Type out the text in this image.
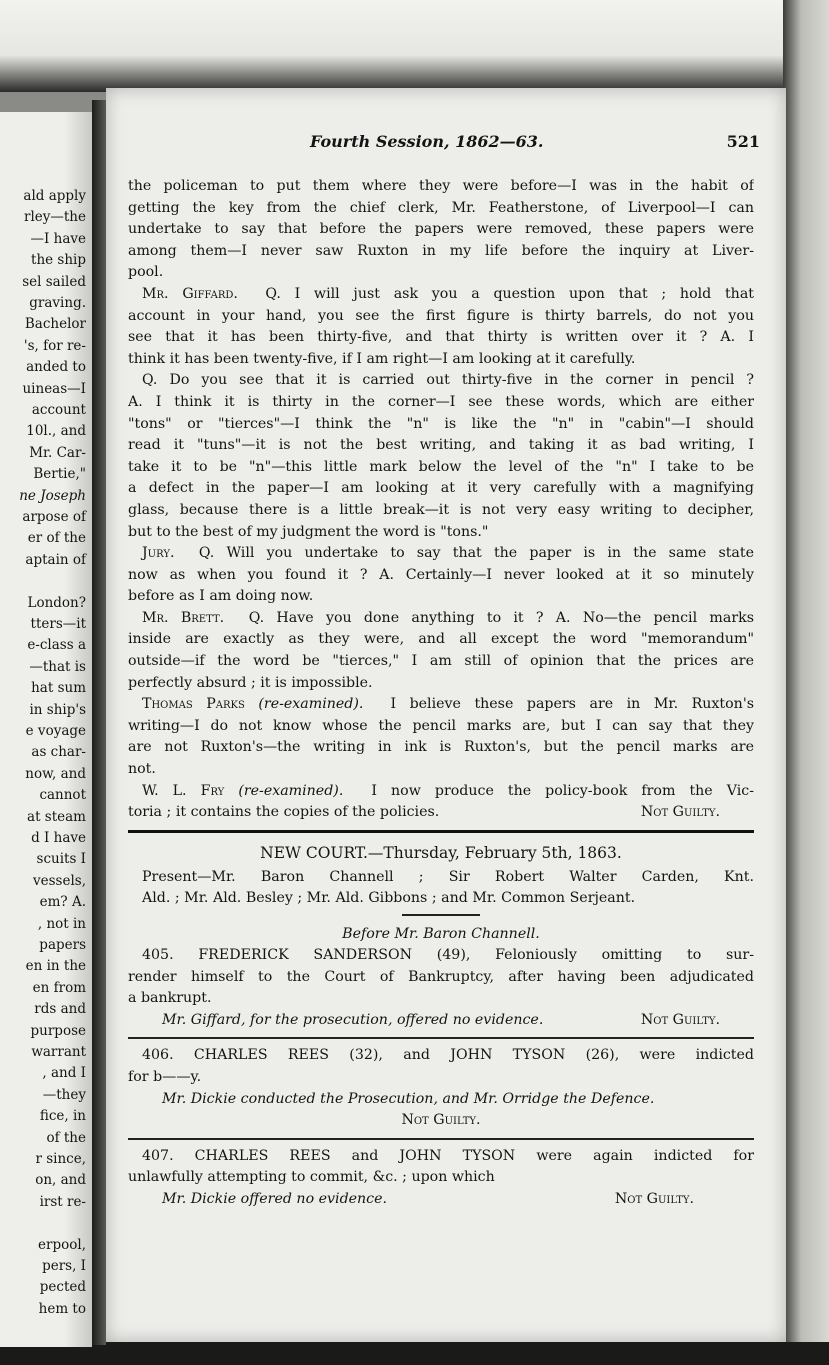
ald apply
rley—the
—I have
the ship
sel sailed
graving.
Bachelor
's, for re-
anded to
uineas—I
account
10l., and
Mr. Car-
Bertie,"
ne Joseph
arpose of
er of the
aptain of
London?
tters—it
e-class a
—that is
hat sum
in ship's
e voyage
as char-
now, and
cannot
at steam
d I have
scuits I
vessels,
em? A.
, not in
papers
en in the
en from
rds and
purpose
warrant
, and I
—they
fice, in
of the
r since,
on, and
irst re-
erpool,
pers, I
pected
hem to
Fourth Session, 1862—63.	521
the policeman to put them where they were before—I was in the habit of
getting the key from the chief clerk, Mr. Featherstone, of Liverpool—I can
undertake to say that before the papers were removed, these papers were
among them—I never saw Ruxton in my life before the inquiry at Liver-
pool.
Mr. Giffard. Q. I will just ask you a question upon that ; hold that
account in your hand, you see the first figure is thirty barrels, do not you
see that it has been thirty-five, and that thirty is written over it ? A. I
think it has been twenty-five, if I am right—I am looking at it carefully.
Q. Do you see that it is carried out thirty-five in the corner in pencil ?
A. I think it is thirty in the corner—I see these words, which are either
"tons" or "tierces"—I think the "n" is like the "n" in "cabin"—I should
read it "tuns"—it is not the best writing, and taking it as bad writing, I
take it to be "n"—this little mark below the level of the "n" I take to be
a defect in the paper—I am looking at it very carefully with a magnifying
glass, because there is a little break—it is not very easy writing to decipher,
but to the best of my judgment the word is "tons."
Jury. Q. Will you undertake to say that the paper is in the same state
now as when you found it ? A. Certainly—I never looked at it so minutely
before as I am doing now.
Mr. Brett. Q. Have you done anything to it ? A. No—the pencil marks
inside are exactly as they were, and all except the word "memorandum"
outside—if the word be "tierces," I am still of opinion that the prices are
perfectly absurd ; it is impossible.
Thomas Parks (re-examined). I believe these papers are in Mr. Ruxton's
writing—I do not know whose the pencil marks are, but I can say that they
are not Ruxton's—the writing in ink is Ruxton's, but the pencil marks are
not.
W. L. Fry (re-examined). I now produce the policy-book from the Vic-
toria ; it contains the copies of the policies.	Not Guilty.
NEW COURT.—Thursday, February 5th, 1863.
Present—Mr. Baron Channell ; Sir Robert Walter Carden, Knt.
Ald. ; Mr. Ald. Besley ; Mr. Ald. Gibbons ; and Mr. Common Serjeant.
Before Mr. Baron Channell.
405. FREDERICK SANDERSON (49), Feloniously omitting to sur-
render himself to the Court of Bankruptcy, after having been adjudicated
a bankrupt.
Mr. Giffard, for the prosecution, offered no evidence.	Not Guilty.
406. CHARLES REES (32), and JOHN TYSON (26), were indicted
for b——y.
Mr. Dickie conducted the Prosecution, and Mr. Orridge the Defence.
Not Guilty.
407. CHARLES REES and JOHN TYSON were again indicted for
unlawfully attempting to commit, &c. ; upon which
Mr. Dickie offered no evidence.	Not Guilty.
